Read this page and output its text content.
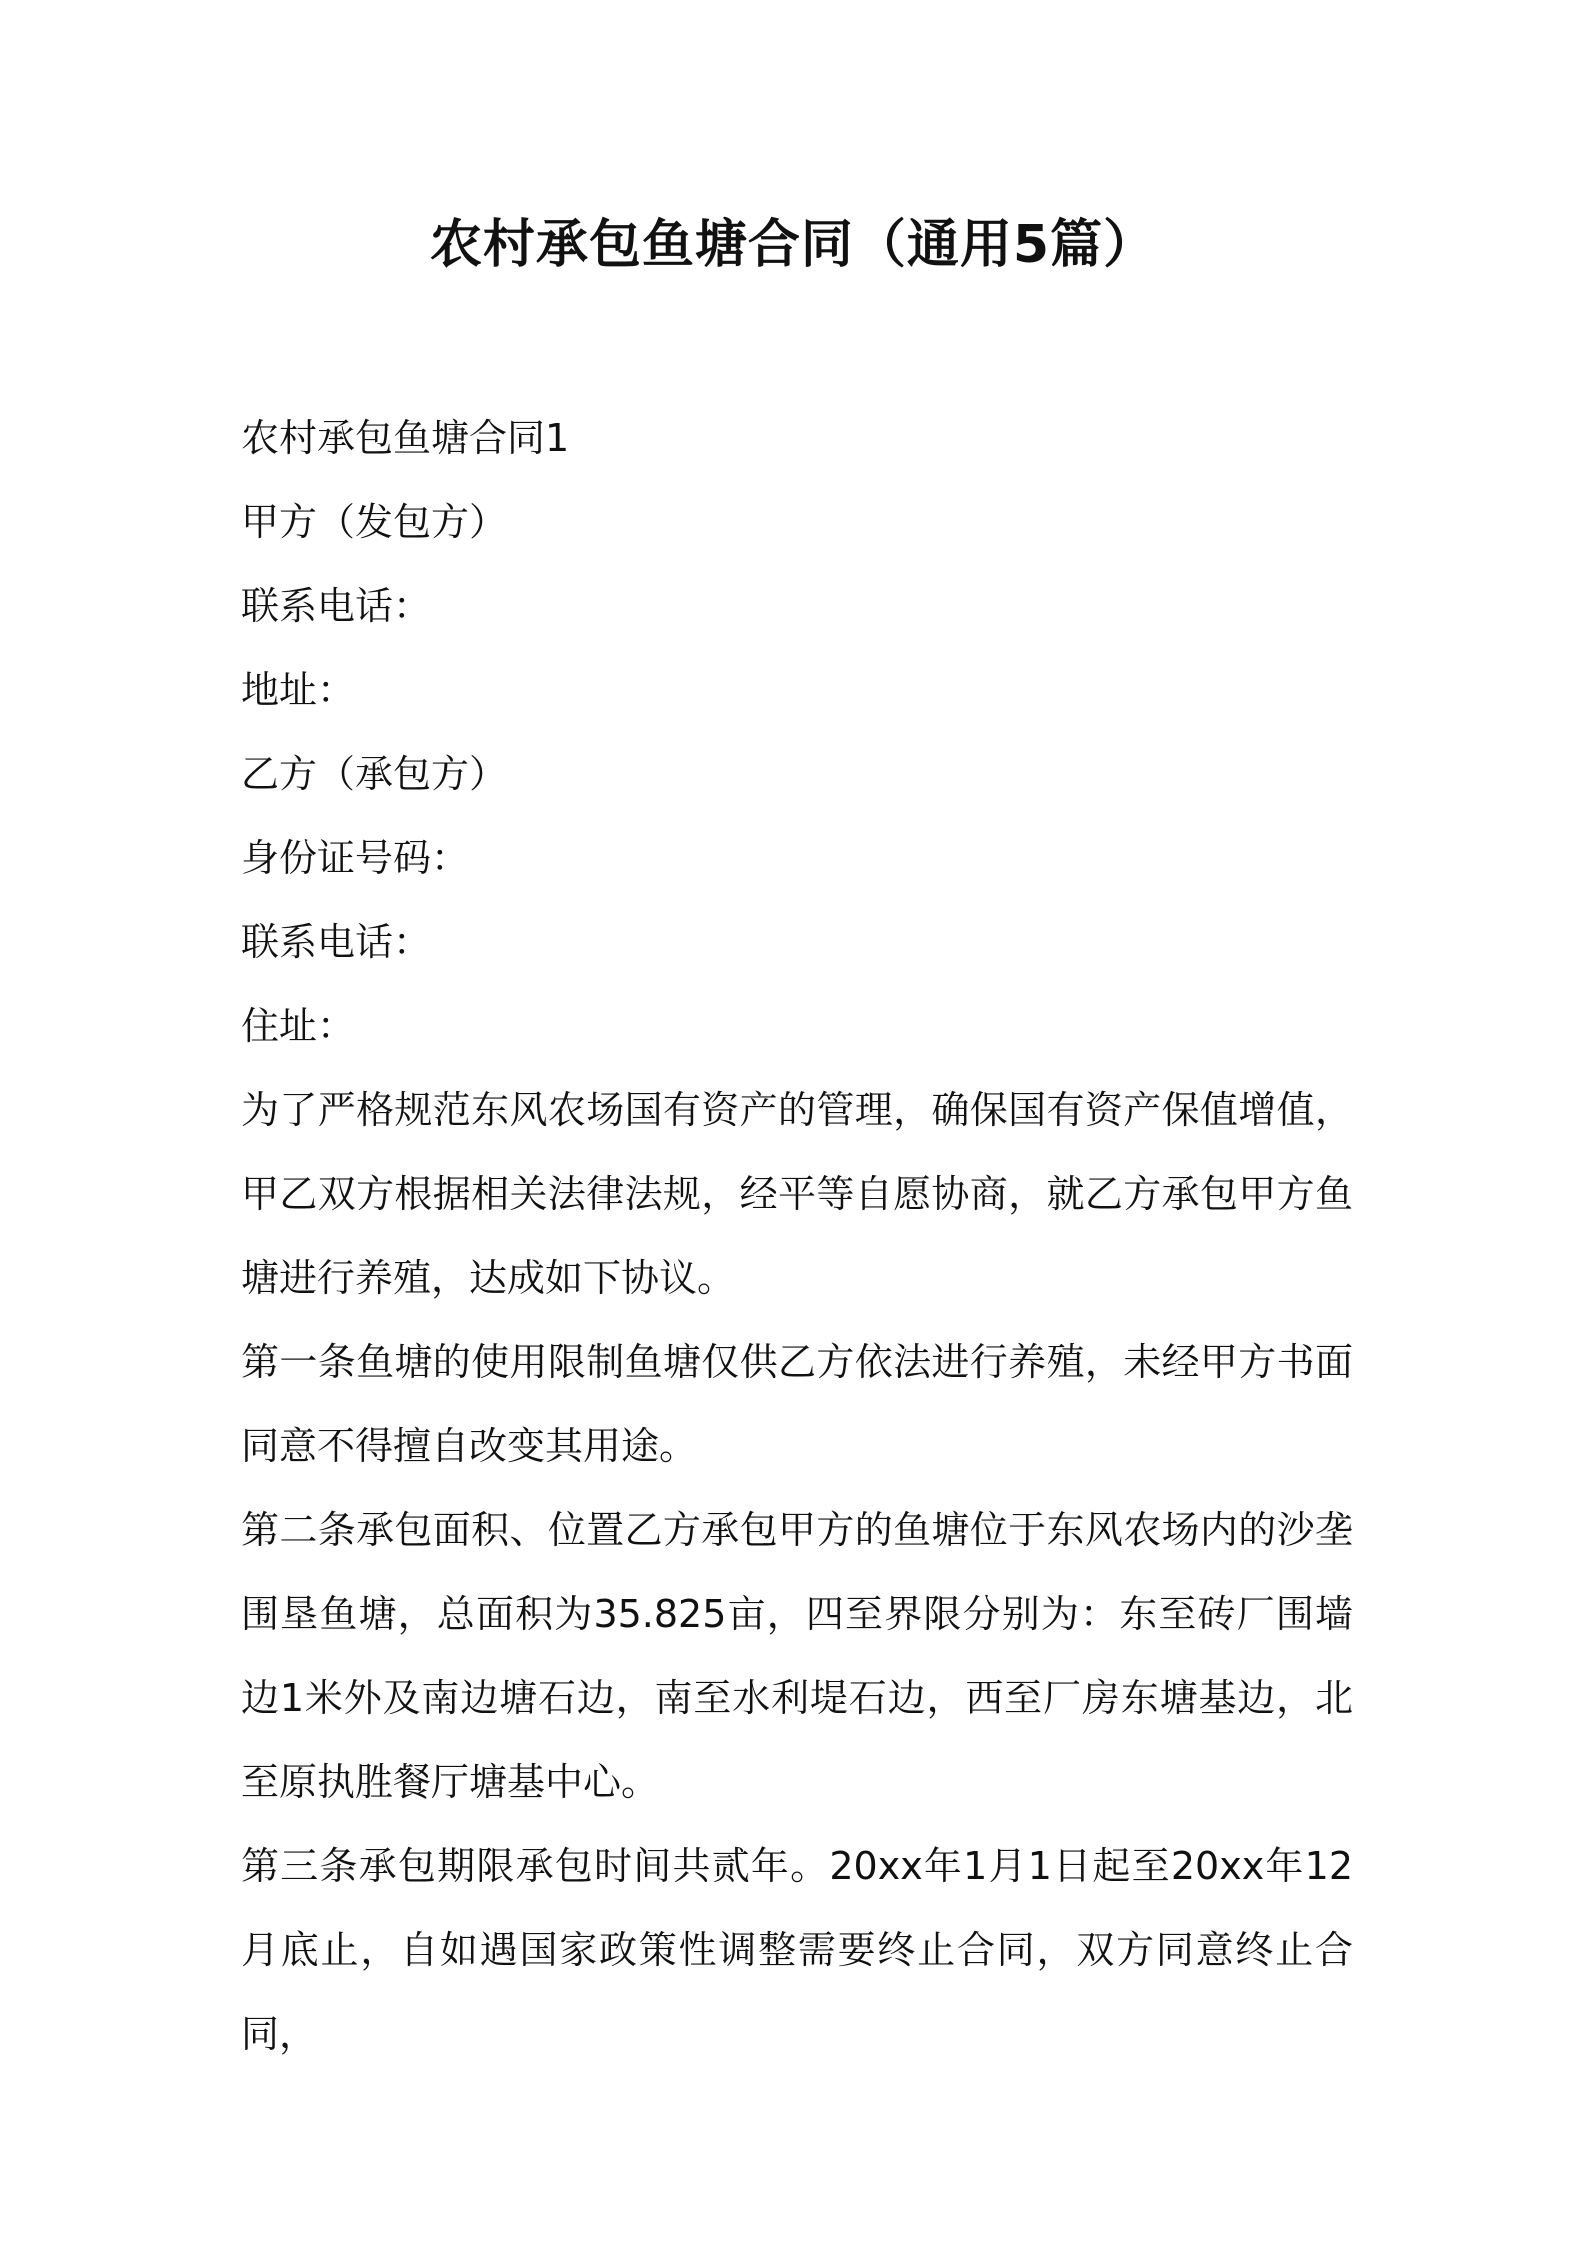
农村承包鱼塘合同（通用5篇）

农村承包鱼塘合同1

甲方（发包方）

联系电话：

地址：

乙方（承包方）

身份证号码：

联系电话：

住址：

为了严格规范东风农场国有资产的管理，确保国有资产保值增值，甲乙双方根据相关法律法规，经平等自愿协商，就乙方承包甲方鱼塘进行养殖，达成如下协议。

第一条鱼塘的使用限制鱼塘仅供乙方依法进行养殖，未经甲方书面同意不得擅自改变其用途。

第二条承包面积、位置乙方承包甲方的鱼塘位于东风农场内的沙垄围垦鱼塘，总面积为35.825亩，四至界限分别为：东至砖厂围墙边1米外及南边塘石边，南至水利堤石边，西至厂房东塘基边，北至原执胜餐厅塘基中心。

第三条承包期限承包时间共贰年。20xx年1月1日起至20xx年12月底止，自如遇国家政策性调整需要终止合同，双方同意终止合同，
